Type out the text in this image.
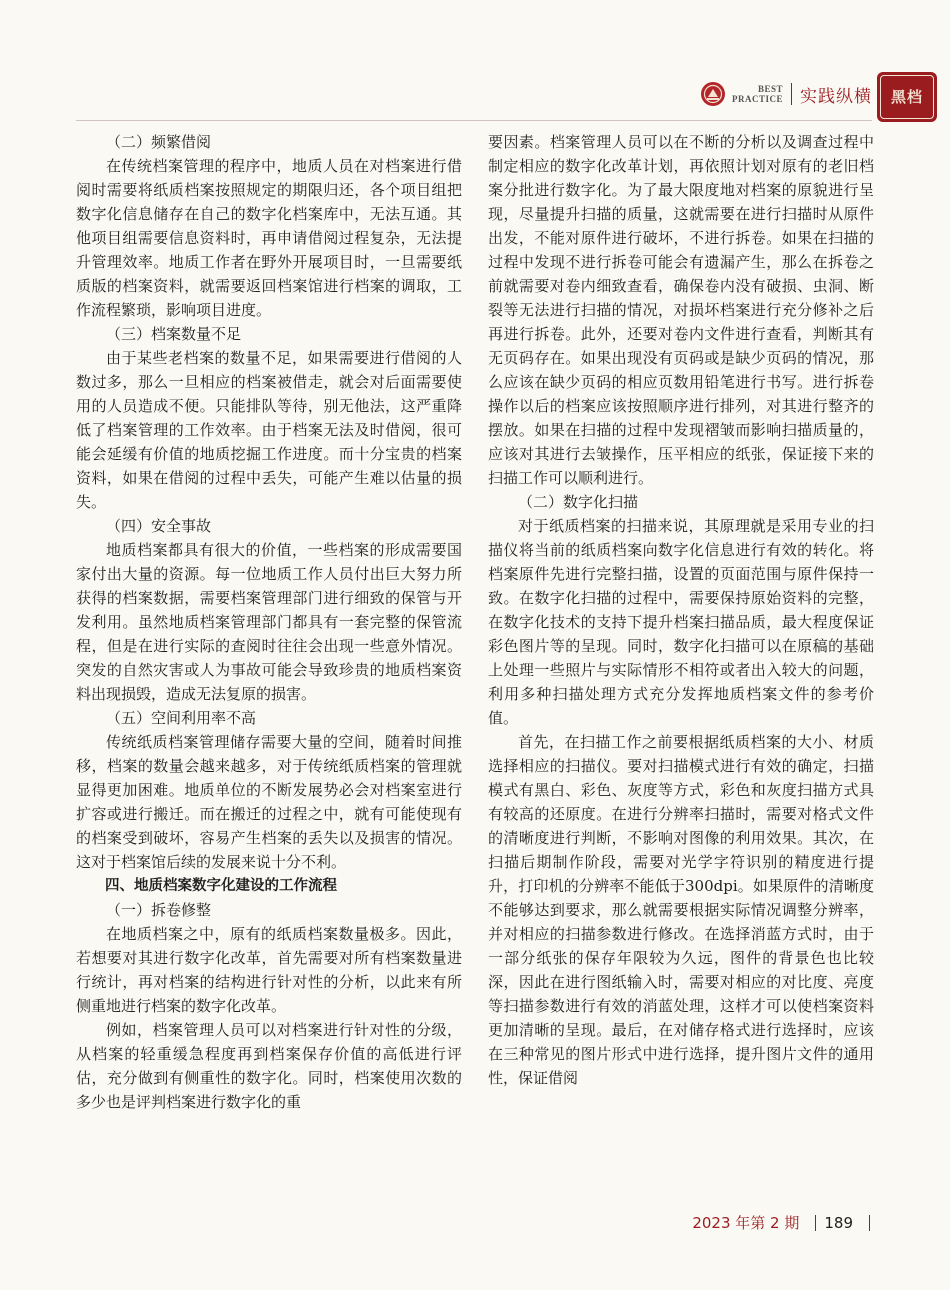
BEST
PRACTICE 实践纵横 黑档

（二）频繁借阅

在传统档案管理的程序中，地质人员在对档案进行借阅时需要将纸质档案按照规定的期限归还，各个项目组把数字化信息储存在自己的数字化档案库中，无法互通。其他项目组需要信息资料时，再申请借阅过程复杂，无法提升管理效率。地质工作者在野外开展项目时，一旦需要纸质版的档案资料，就需要返回档案馆进行档案的调取，工作流程繁琐，影响项目进度。

（三）档案数量不足

由于某些老档案的数量不足，如果需要进行借阅的人数过多，那么一旦相应的档案被借走，就会对后面需要使用的人员造成不便。只能排队等待，别无他法，这严重降低了档案管理的工作效率。由于档案无法及时借阅，很可能会延缓有价值的地质挖掘工作进度。而十分宝贵的档案资料，如果在借阅的过程中丢失，可能产生难以估量的损失。

（四）安全事故

地质档案都具有很大的价值，一些档案的形成需要国家付出大量的资源。每一位地质工作人员付出巨大努力所获得的档案数据，需要档案管理部门进行细致的保管与开发利用。虽然地质档案管理部门都具有一套完整的保管流程，但是在进行实际的查阅时往往会出现一些意外情况。突发的自然灾害或人为事故可能会导致珍贵的地质档案资料出现损毁，造成无法复原的损害。

（五）空间利用率不高

传统纸质档案管理储存需要大量的空间，随着时间推移，档案的数量会越来越多，对于传统纸质档案的管理就显得更加困难。地质单位的不断发展势必会对档案室进行扩容或进行搬迁。而在搬迁的过程之中，就有可能使现有的档案受到破坏，容易产生档案的丢失以及损害的情况。这对于档案馆后续的发展来说十分不利。

四、地质档案数字化建设的工作流程

（一）拆卷修整

在地质档案之中，原有的纸质档案数量极多。因此，若想要对其进行数字化改革，首先需要对所有档案数量进行统计，再对档案的结构进行针对性的分析，以此来有所侧重地进行档案的数字化改革。

例如，档案管理人员可以对档案进行针对性的分级，从档案的轻重缓急程度再到档案保存价值的高低进行评估，充分做到有侧重性的数字化。同时，档案使用次数的多少也是评判档案进行数字化的重

要因素。档案管理人员可以在不断的分析以及调查过程中制定相应的数字化改革计划，再依照计划对原有的老旧档案分批进行数字化。为了最大限度地对档案的原貌进行呈现，尽量提升扫描的质量，这就需要在进行扫描时从原件出发，不能对原件进行破坏，不进行拆卷。如果在扫描的过程中发现不进行拆卷可能会有遗漏产生，那么在拆卷之前就需要对卷内细致查看，确保卷内没有破损、虫洞、断裂等无法进行扫描的情况，对损坏档案进行充分修补之后再进行拆卷。此外，还要对卷内文件进行查看，判断其有无页码存在。如果出现没有页码或是缺少页码的情况，那么应该在缺少页码的相应页数用铅笔进行书写。进行拆卷操作以后的档案应该按照顺序进行排列，对其进行整齐的摆放。如果在扫描的过程中发现褶皱而影响扫描质量的，应该对其进行去皱操作，压平相应的纸张，保证接下来的扫描工作可以顺利进行。

（二）数字化扫描

对于纸质档案的扫描来说，其原理就是采用专业的扫描仪将当前的纸质档案向数字化信息进行有效的转化。将档案原件先进行完整扫描，设置的页面范围与原件保持一致。在数字化扫描的过程中，需要保持原始资料的完整，在数字化技术的支持下提升档案扫描品质，最大程度保证彩色图片等的呈现。同时，数字化扫描可以在原稿的基础上处理一些照片与实际情形不相符或者出入较大的问题，利用多种扫描处理方式充分发挥地质档案文件的参考价值。

首先，在扫描工作之前要根据纸质档案的大小、材质选择相应的扫描仪。要对扫描模式进行有效的确定，扫描模式有黑白、彩色、灰度等方式，彩色和灰度扫描方式具有较高的还原度。在进行分辨率扫描时，需要对格式文件的清晰度进行判断，不影响对图像的利用效果。其次，在扫描后期制作阶段，需要对光学字符识别的精度进行提升，打印机的分辨率不能低于300dpi。如果原件的清晰度不能够达到要求，那么就需要根据实际情况调整分辨率，并对相应的扫描参数进行修改。在选择消蓝方式时，由于一部分纸张的保存年限较为久远，图件的背景色也比较深，因此在进行图纸输入时，需要对相应的对比度、亮度等扫描参数进行有效的消蓝处理，这样才可以使档案资料更加清晰的呈现。最后，在对储存格式进行选择时，应该在三种常见的图片形式中进行选择，提升图片文件的通用性，保证借阅

2023 年第 2 期 189
